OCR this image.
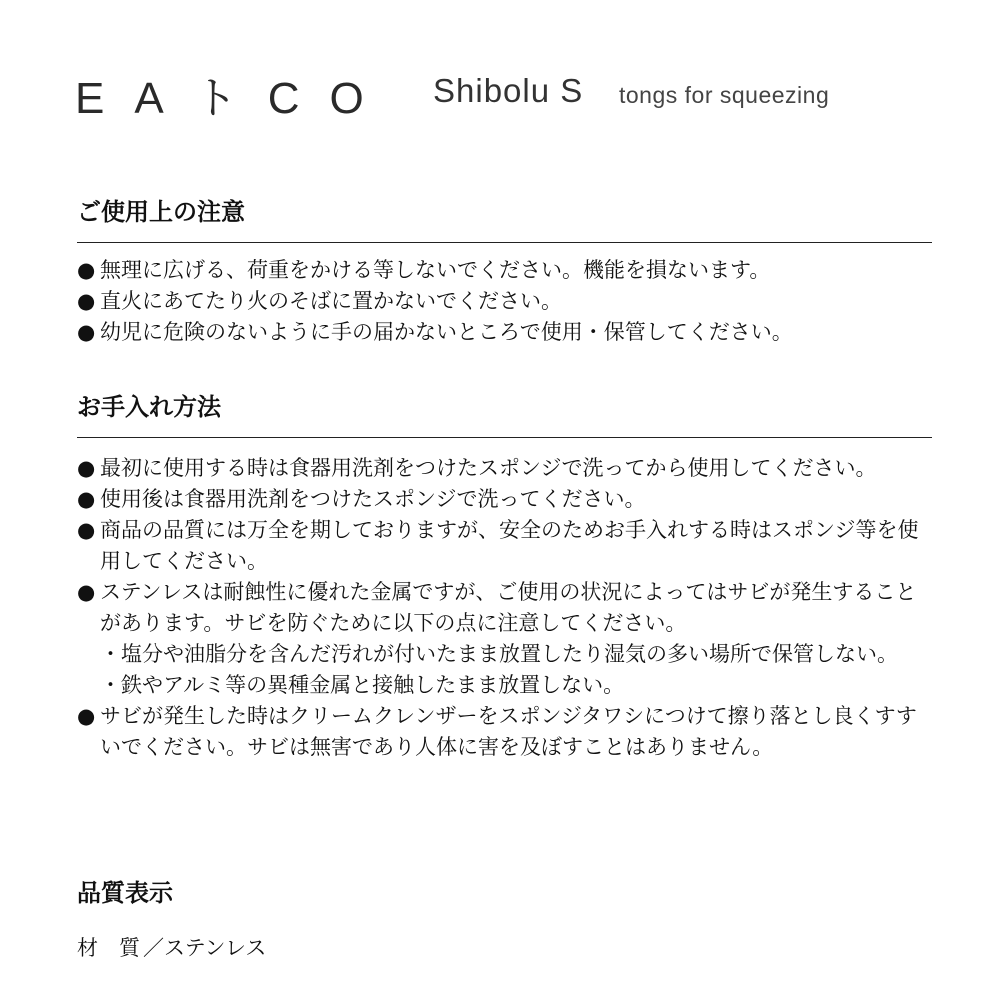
EAトCO Shibolu S tongs for squeezing
ご使用上の注意
● 無理に広げる、荷重をかける等しないでください。機能を損ないます。
● 直火にあてたり火のそばに置かないでください。
● 幼児に危険のないように手の届かないところで使用・保管してください。
お手入れ方法
● 最初に使用する時は食器用洗剤をつけたスポンジで洗ってから使用してください。
● 使用後は食器用洗剤をつけたスポンジで洗ってください。
● 商品の品質には万全を期しておりますが、安全のためお手入れする時はスポンジ等を使用してください。
● ステンレスは耐蝕性に優れた金属ですが、ご使用の状況によってはサビが発生することがあります。サビを防ぐために以下の点に注意してください。
・塩分や油脂分を含んだ汚れが付いたまま放置したり湿気の多い場所で保管しない。
・鉄やアルミ等の異種金属と接触したまま放置しない。
● サビが発生した時はクリームクレンザーをスポンジタワシにつけて擦り落とし良くすすいでください。サビは無害であり人体に害を及ぼすことはありません。
品質表示
材　質 ／ステンレス
